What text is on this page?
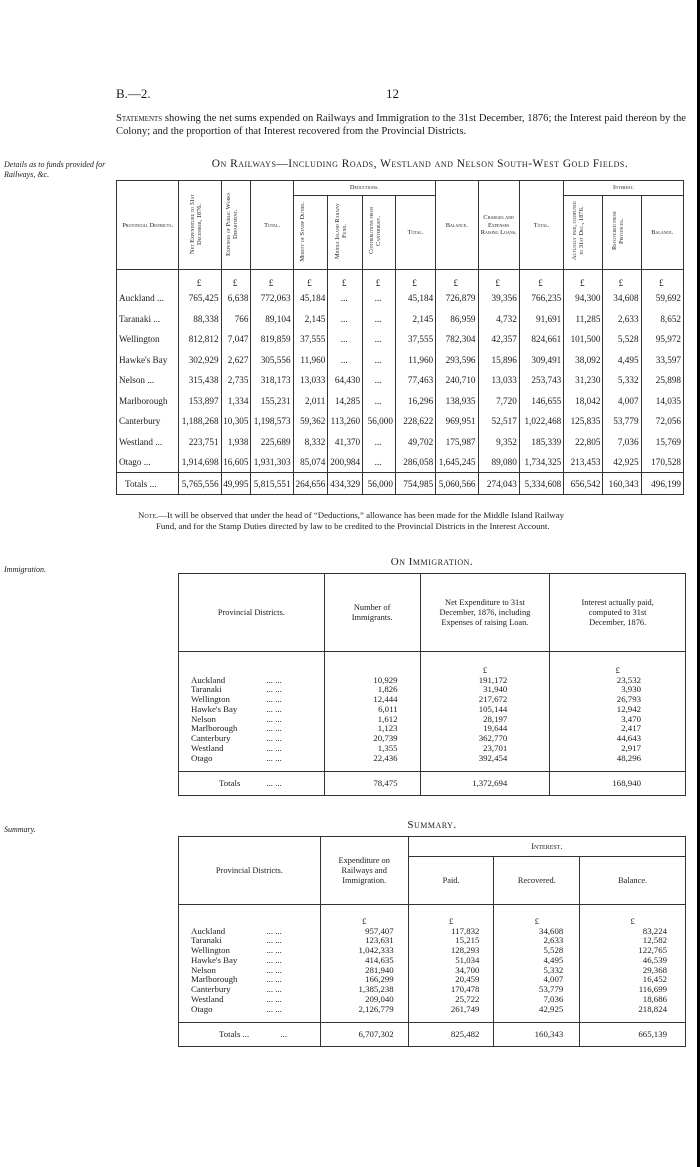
B.—2.	12
Statements showing the net sums expended on Railways and Immigration to the 31st December, 1876; the Interest paid thereon by the Colony; and the proportion of that Interest recovered from the Provincial Districts.
Details as to funds provided for Railways, &c.
On Railways—Including Roads, Westland and Nelson South-West Gold Fields.
Provincial Districts.	Net Expenditure to 31st December, 1876.	Expenses of Public Works Department.	Total.	Deductions.				Balance.	Charges and Expenses Raising Loans.	Total.	Interest.		
				Moiety of Stamp Duties.	Middle Island Railway Fund.	Contributions from Canterbury.	Total.				Actually paid, computed to 31st Dec., 1876.	Recovered from Provinces.	Balance.
	£	£	£	£	£	£	£	£	£	£	£	£	£
Auckland ...	765,425	6,638	772,063	45,184	...	...	45,184	726,879	39,356	766,235	94,300	34,608	59,692
Taranaki ...	88,338	766	89,104	2,145	...	...	2,145	86,959	4,732	91,691	11,285	2,633	8,652
Wellington	812,812	7,047	819,859	37,555	...	...	37,555	782,304	42,357	824,661	101,500	5,528	95,972
Hawke's Bay	302,929	2,627	305,556	11,960	...	...	11,960	293,596	15,896	309,491	38,092	4,495	33,597
Nelson ...	315,438	2,735	318,173	13,033	64,430	...	77,463	240,710	13,033	253,743	31,230	5,332	25,898
Marlborough	153,897	1,334	155,231	2,011	14,285	...	16,296	138,935	7,720	146,655	18,042	4,007	14,035
Canterbury	1,188,268	10,305	1,198,573	59,362	113,260	56,000	228,622	969,951	52,517	1,022,468	125,835	53,779	72,056
Westland ...	223,751	1,938	225,689	8,332	41,370	...	49,702	175,987	9,352	185,339	22,805	7,036	15,769
Otago ...	1,914,698	16,605	1,931,303	85,074	200,984	...	286,058	1,645,245	89,080	1,734,325	213,453	42,925	170,528
Totals ...	5,765,556	49,995	5,815,551	264,656	434,329	56,000	754,985	5,060,566	274,043	5,334,608	656,542	160,343	496,199
Note.—It will be observed that under the head of “Deductions,” allowance has been made for the Middle Island Railway
Fund, and for the Stamp Duties directed by law to be credited to the Provincial Districts in the Interest Account.
Immigration.
On Immigration.
Provincial Districts.		Number of Immigrants.	Net Expenditure to 31st December, 1876, including Expenses of raising Loan.	Interest actually paid, computed to 31st December, 1876.
			£	£
Auckland	... ...	10,929	191,172	23,532
Taranaki	... ...	1,826	31,940	3,930
Wellington	... ...	12,444	217,672	26,793
Hawke's Bay	... ...	6,011	105,144	12,942
Nelson	... ...	1,612	28,197	3,470
Marlborough	... ...	1,123	19,644	2,417
Canterbury	... ...	20,739	362,770	44,643
Westland	... ...	1,355	23,701	2,917
Otago	... ...	22,436	392,454	48,296

Totals	... ...	78,475	1,372,694	168,940
Summary.	Summary.
Provincial Districts.		Expenditure on Railways and Immigration.	Interest.		
			Paid.	Recovered.	Balance.
		£	£	£	£
Auckland	... ...	957,407	117,832	34,608	83,224
Taranaki	... ...	123,631	15,215	2,633	12,582
Wellington	... ...	1,042,333	128,293	5,528	122,765
Hawke's Bay	... ...	414,635	51,034	4,495	46,539
Nelson	... ...	281,940	34,700	5,332	29,368
Marlborough	... ...	166,299	20,459	4,007	16,452
Canterbury	... ...	1,385,238	170,478	53,779	116,699
Westland	... ...	209,040	25,722	7,036	18,686
Otago	... ...	2,126,779	261,749	42,925	218,824

Totals ...	...	6,707,302	825,482	160,343	665,139
